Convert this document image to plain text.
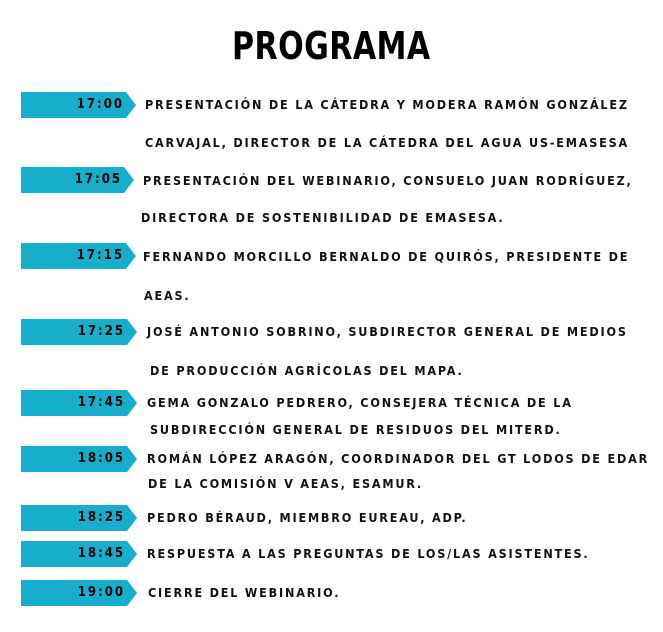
PROGRAMA
17:00	PRESENTACIÓN DE LA CÁTEDRA Y MODERA RAMÓN GONZÁLEZ
CARVAJAL, DIRECTOR DE LA CÁTEDRA DEL AGUA US-EMASESA
17:05	PRESENTACIÓN DEL WEBINARIO, CONSUELO JUAN RODRÍGUEZ,
DIRECTORA DE SOSTENIBILIDAD DE EMASESA.
17:15	FERNANDO MORCILLO BERNALDO DE QUIRÓS, PRESIDENTE DE
AEAS.
17:25	JOSÉ ANTONIO SOBRINO, SUBDIRECTOR GENERAL DE MEDIOS
DE PRODUCCIÓN AGRÍCOLAS DEL MAPA.
17:45	GEMA GONZALO PEDRERO, CONSEJERA TÉCNICA DE LA
SUBDIRECCIÓN GENERAL DE RESIDUOS DEL MITERD.
18:05	ROMÁN LÓPEZ ARAGÓN, COORDINADOR DEL GT LODOS DE EDAR
DE LA COMISIÓN V AEAS, ESAMUR.
18:25	PEDRO BÉRAUD, MIEMBRO EUREAU, ADP.
18:45	RESPUESTA A LAS PREGUNTAS DE LOS/LAS ASISTENTES.
19:00	CIERRE DEL WEBINARIO.
